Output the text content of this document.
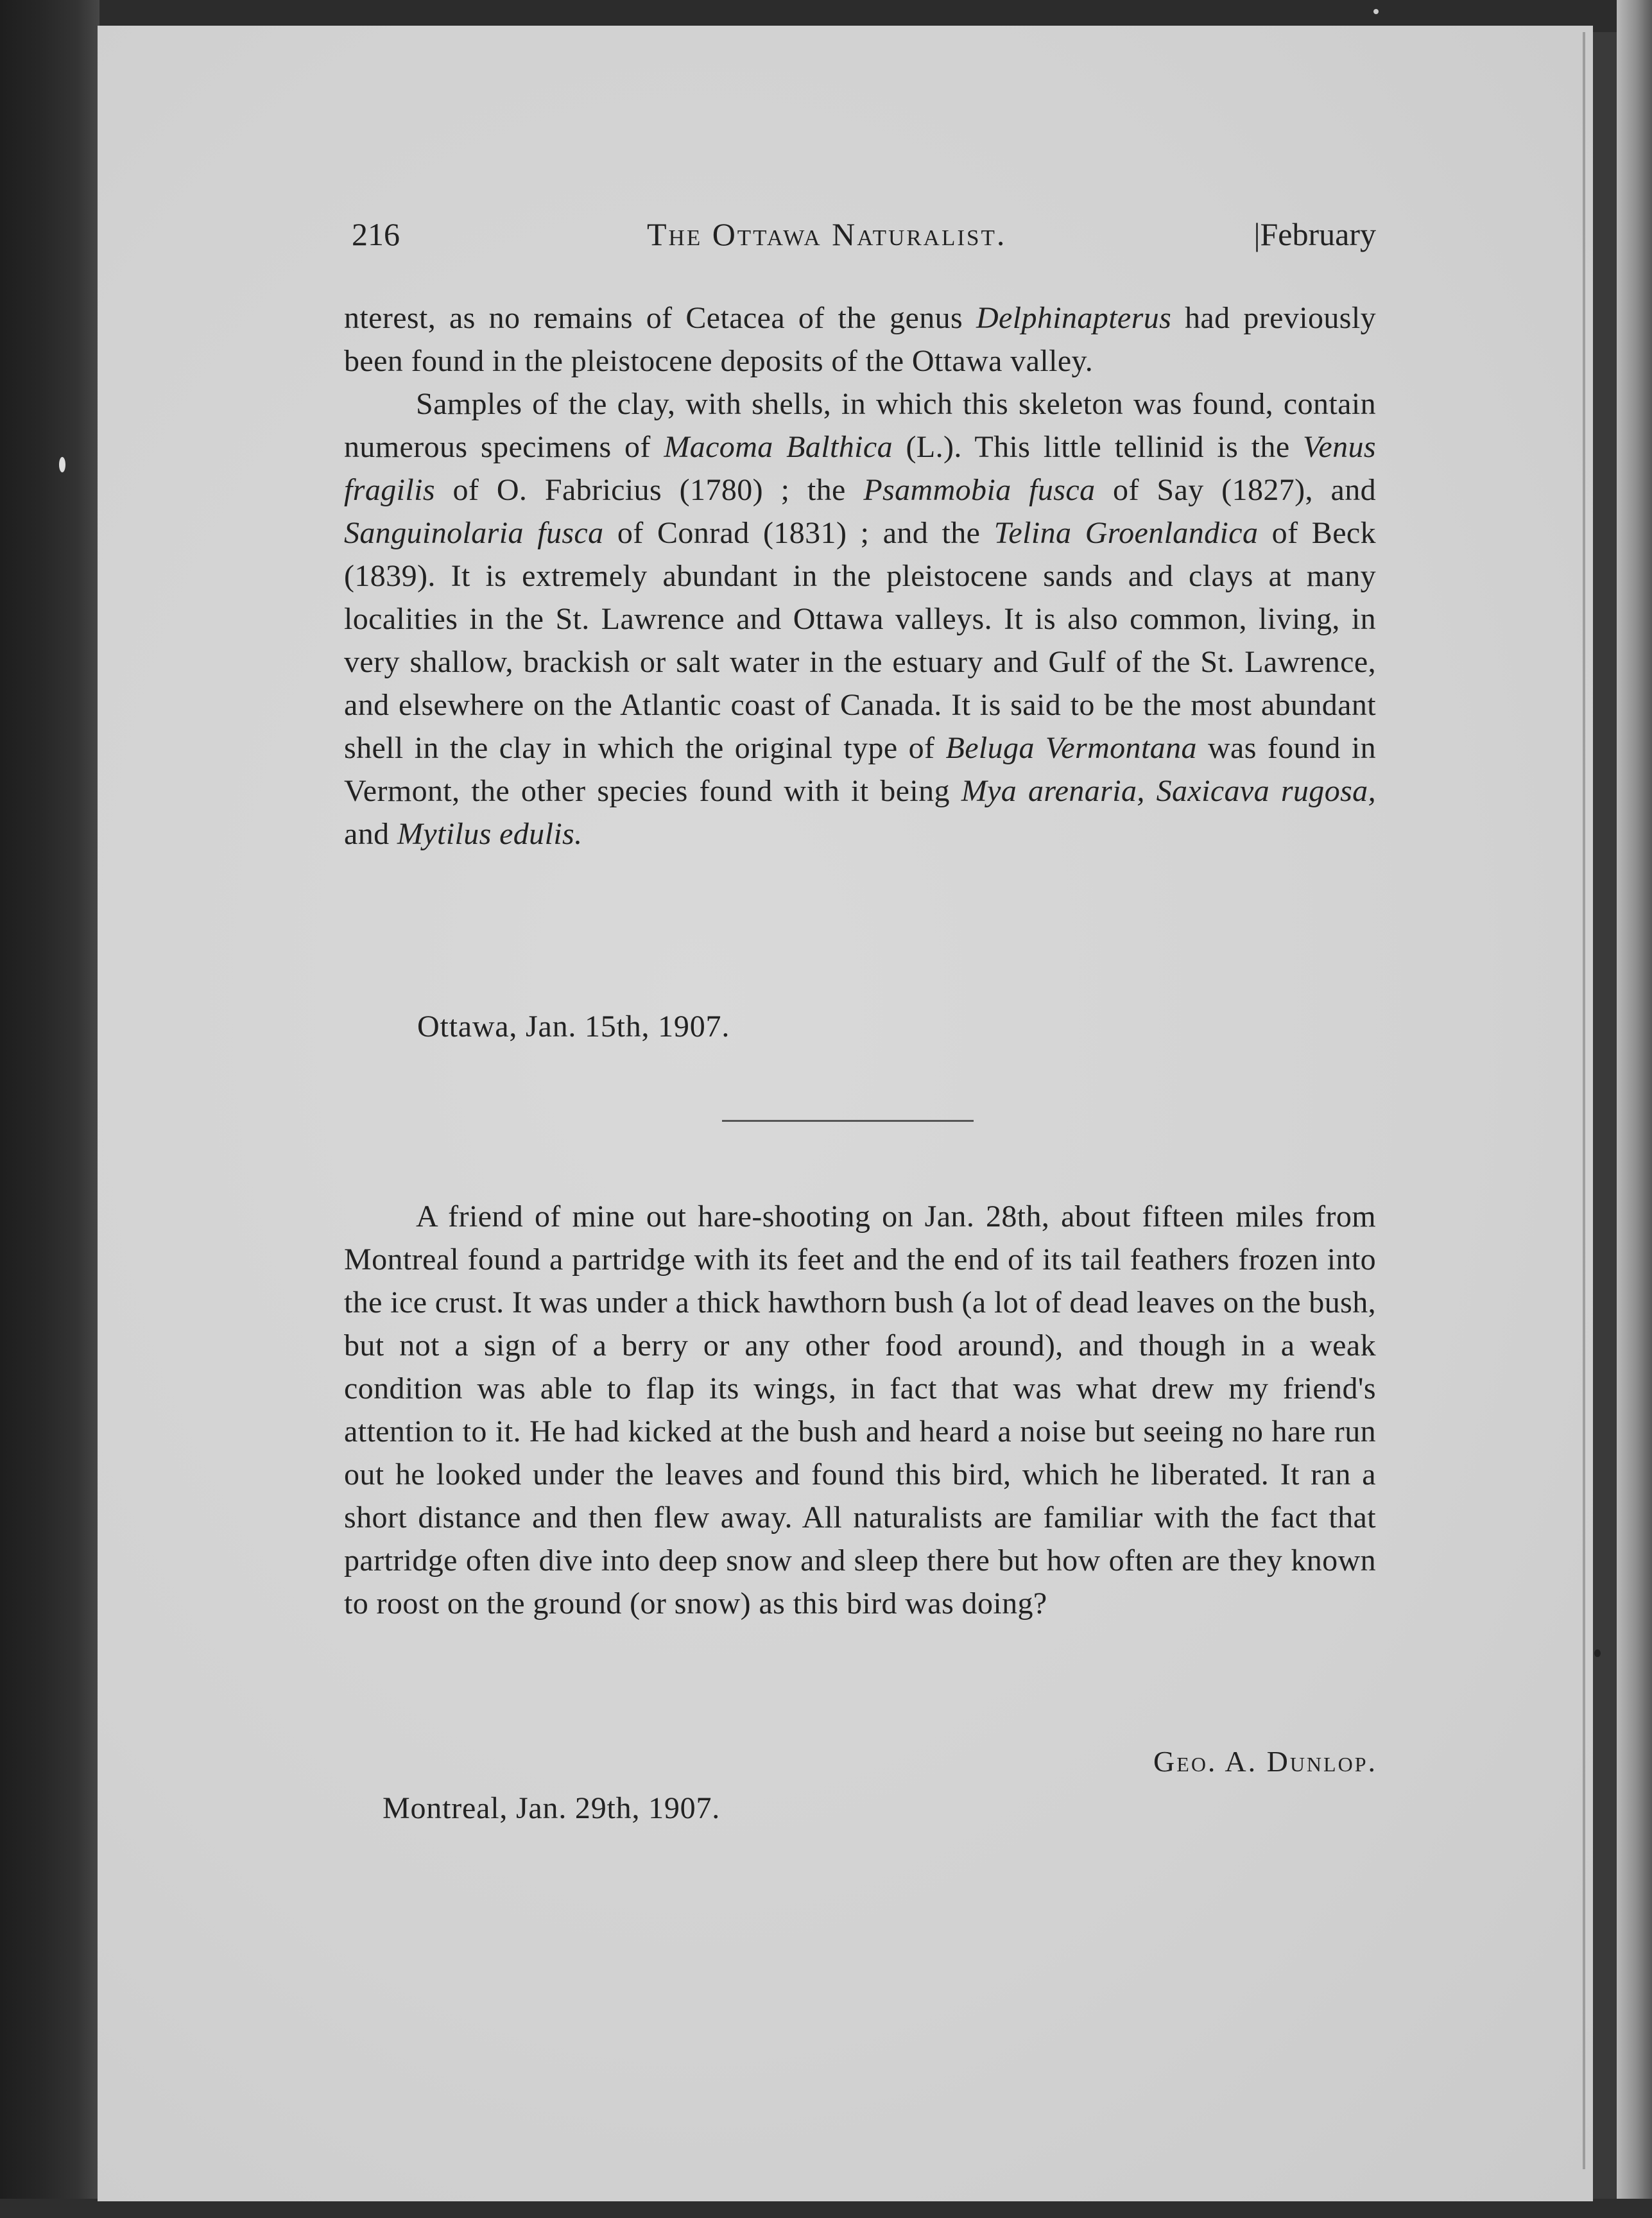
216	The Ottawa Naturalist.	|February

nterest, as no remains of Cetacea of the genus Delphinapterus had previously been found in the pleistocene deposits of the Ottawa valley.

Samples of the clay, with shells, in which this skeleton was found, contain numerous specimens of Macoma Balthica (L.). This little tellinid is the Venus fragilis of O. Fabricius (1780) ; the Psammobia fusca of Say (1827), and Sanguinolaria fusca of Conrad (1831) ; and the Telina Groenlandica of Beck (1839). It is extremely abundant in the pleistocene sands and clays at many localities in the St. Lawrence and Ottawa valleys. It is also common, living, in very shallow, brackish or salt water in the estuary and Gulf of the St. Lawrence, and elsewhere on the Atlantic coast of Canada. It is said to be the most abundant shell in the clay in which the original type of Beluga Vermontana was found in Vermont, the other species found with it being Mya arenaria, Saxicava rugosa, and Mytilus edulis.

Ottawa, Jan. 15th, 1907.

A friend of mine out hare-shooting on Jan. 28th, about fifteen miles from Montreal found a partridge with its feet and the end of its tail feathers frozen into the ice crust. It was under a thick hawthorn bush (a lot of dead leaves on the bush, but not a sign of a berry or any other food around), and though in a weak condition was able to flap its wings, in fact that was what drew my friend's attention to it. He had kicked at the bush and heard a noise but seeing no hare run out he looked under the leaves and found this bird, which he liberated. It ran a short distance and then flew away. All naturalists are familiar with the fact that partridge often dive into deep snow and sleep there but how often are they known to roost on the ground (or snow) as this bird was doing?

Geo. A. Dunlop.
Montreal, Jan. 29th, 1907.
